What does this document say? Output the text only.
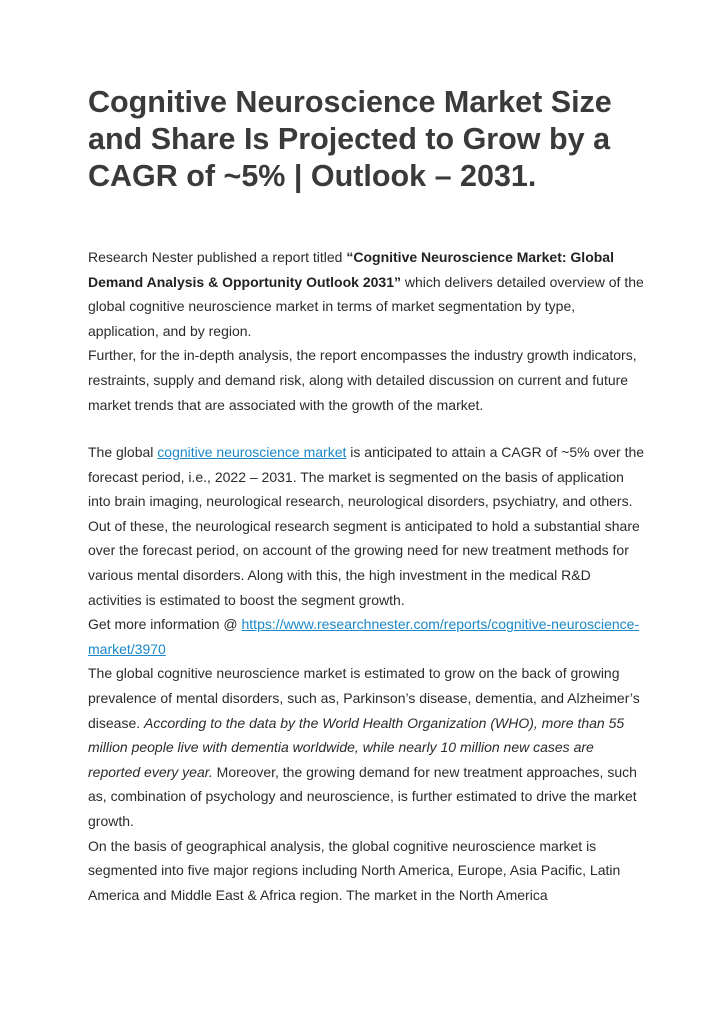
Cognitive Neuroscience Market Size and Share Is Projected to Grow by a CAGR of ~5% | Outlook – 2031.

Research Nester published a report titled “Cognitive Neuroscience Market: Global Demand Analysis & Opportunity Outlook 2031” which delivers detailed overview of the global cognitive neuroscience market in terms of market segmentation by type, application, and by region.

Further, for the in-depth analysis, the report encompasses the industry growth indicators, restraints, supply and demand risk, along with detailed discussion on current and future market trends that are associated with the growth of the market.

The global cognitive neuroscience market is anticipated to attain a CAGR of ~5% over the forecast period, i.e., 2022 – 2031. The market is segmented on the basis of application into brain imaging, neurological research, neurological disorders, psychiatry, and others. Out of these, the neurological research segment is anticipated to hold a substantial share over the forecast period, on account of the growing need for new treatment methods for various mental disorders. Along with this, the high investment in the medical R&D activities is estimated to boost the segment growth.

Get more information @ https://www.researchnester.com/reports/cognitive-neuroscience-market/3970

The global cognitive neuroscience market is estimated to grow on the back of growing prevalence of mental disorders, such as, Parkinson’s disease, dementia, and Alzheimer’s disease. According to the data by the World Health Organization (WHO), more than 55 million people live with dementia worldwide, while nearly 10 million new cases are reported every year. Moreover, the growing demand for new treatment approaches, such as, combination of psychology and neuroscience, is further estimated to drive the market growth.

On the basis of geographical analysis, the global cognitive neuroscience market is segmented into five major regions including North America, Europe, Asia Pacific, Latin America and Middle East & Africa region. The market in the North America
